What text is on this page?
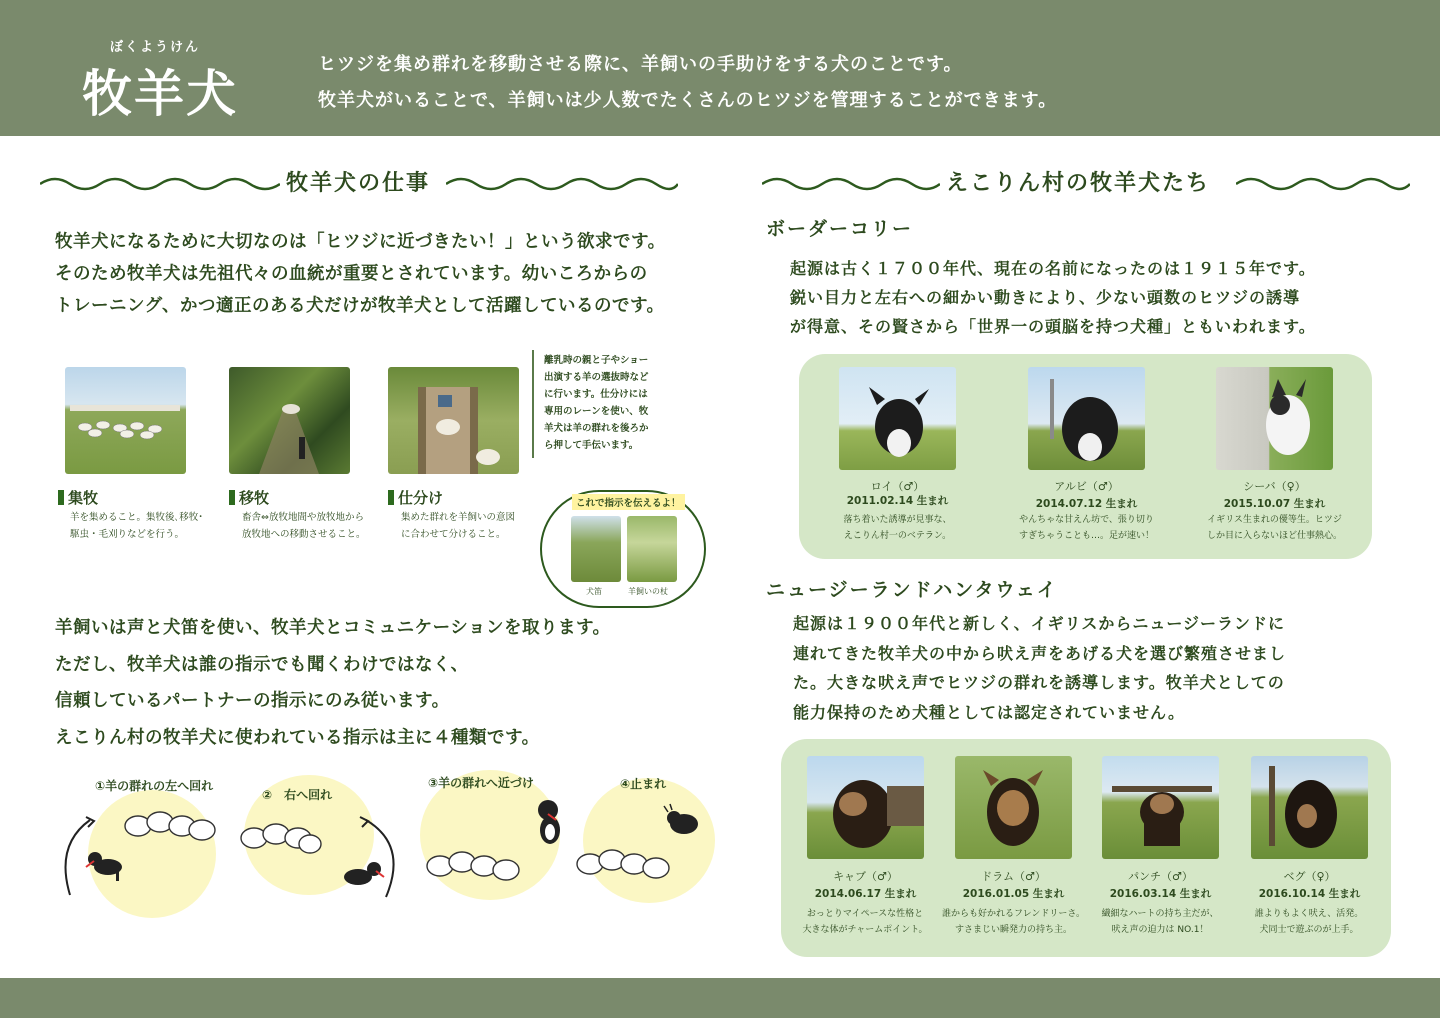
ぼくようけん
牧羊犬
ヒツジを集め群れを移動させる際に、羊飼いの手助けをする犬のことです。
牧羊犬がいることで、羊飼いは少人数でたくさんのヒツジを管理することができます。
牧羊犬の仕事
牧羊犬になるために大切なのは「ヒツジに近づきたい！」という欲求です。
そのため牧羊犬は先祖代々の血統が重要とされています。幼いころからの
トレーニング、かつ適正のある犬だけが牧羊犬として活躍しているのです。
集牧
羊を集めること。集牧後､移牧･
駆虫・毛刈りなどを行う。
移牧
畜舎⇔放牧地間や放牧地から
放牧地への移動させること。
仕分け
集めた群れを羊飼いの意図
に合わせて分けること。
離乳時の親と子やショー
出演する羊の選抜時など
に行います。仕分けには
専用のレーンを使い、牧
羊犬は羊の群れを後ろか
ら押して手伝います。
これで指示を伝えるよ！
犬笛	羊飼いの杖
羊飼いは声と犬笛を使い、牧羊犬とコミュニケーションを取ります。
ただし、牧羊犬は誰の指示でも聞くわけではなく、
信頼しているパートナーの指示にのみ従います。
えこりん村の牧羊犬に使われている指示は主に４種類です。
①羊の群れの左へ回れ
②　右へ回れ
③羊の群れへ近づけ	④止まれ
えこりん村の牧羊犬たち
ボーダーコリー
起源は古く１７００年代、現在の名前になったのは１９１５年です。
鋭い目力と左右への細かい動きにより、少ない頭数のヒツジの誘導
が得意、その賢さから「世界一の頭脳を持つ犬種」ともいわれます。
ロイ（♂）
2011.02.14 生まれ
落ち着いた誘導が見事な、
えこりん村一のベテラン。
アルビ（♂）
2014.07.12 生まれ
やんちゃな甘えん坊で、張り切り
すぎちゃうことも…。足が速い！
シーバ（♀）
2015.10.07 生まれ
イギリス生まれの優等生。ヒツジ
しか目に入らないほど仕事熱心。
ニュージーランドハンタウェイ
起源は１９００年代と新しく、イギリスからニュージーランドに
連れてきた牧羊犬の中から吠え声をあげる犬を選び繁殖させまし
た。大きな吠え声でヒツジの群れを誘導します。牧羊犬としての
能力保持のため犬種としては認定されていません。
キャブ（♂）
2014.06.17 生まれ
おっとりマイペースな性格と
大きな体がチャームポイント。
ドラム（♂）
2016.01.05 生まれ
誰からも好かれるフレンドリーさ。
すさまじい瞬発力の持ち主。
パンチ（♂）
2016.03.14 生まれ
繊細なハートの持ち主だが、
吠え声の迫力は NO.1！
ベグ（♀）
2016.10.14 生まれ
誰よりもよく吠え、活発。
犬同士で遊ぶのが上手。
